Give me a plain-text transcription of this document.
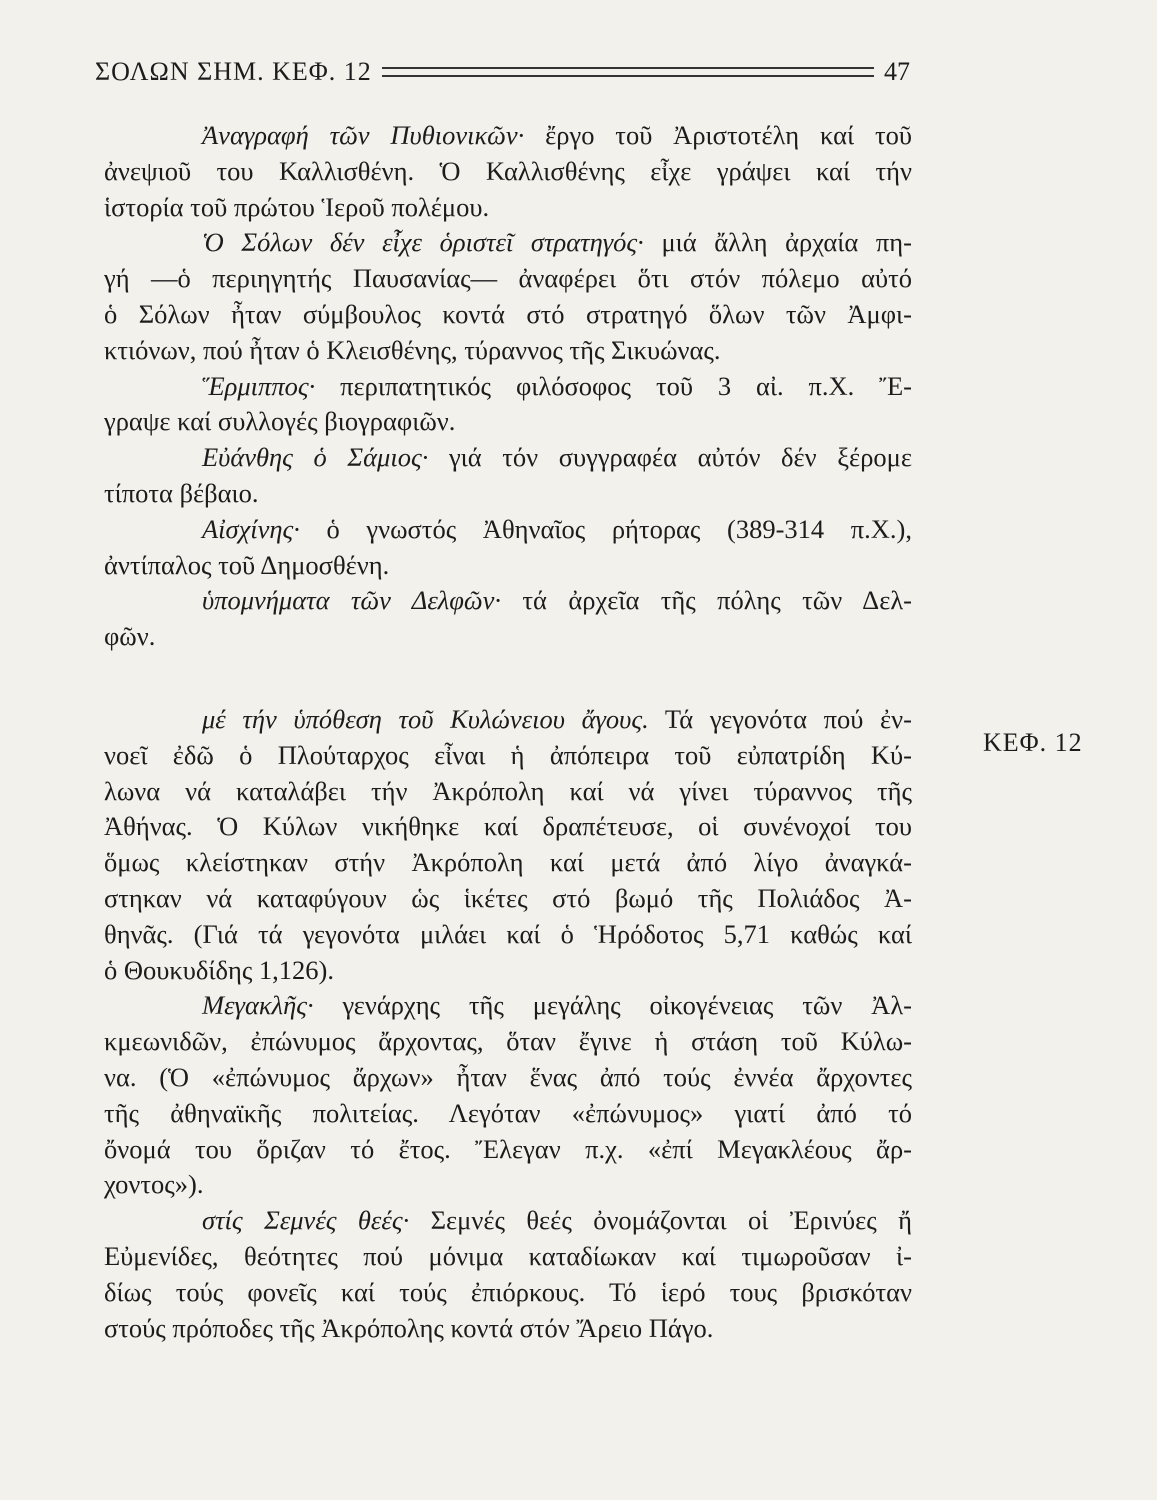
ΣΟΛΩΝ ΣΗΜ. ΚΕΦ. 12	47
ΚΕΦ. 12
Ἀναγραφή τῶν Πυθιονικῶν· ἔργο τοῦ Ἀριστοτέλη καί τοῦ
ἀνεψιοῦ του Καλλισθένη. Ὁ Καλλισθένης εἶχε γράψει καί τήν
ἱστορία τοῦ πρώτου Ἱεροῦ πολέμου.
Ὁ Σόλων δέν εἶχε ὁριστεῖ στρατηγός· μιά ἄλλη ἀρχαία πη-
γή —ὁ περιηγητής Παυσανίας— ἀναφέρει ὅτι στόν πόλεμο αὐτό
ὁ Σόλων ἦταν σύμβουλος κοντά στό στρατηγό ὅλων τῶν Ἀμφι-
κτιόνων, πού ἦταν ὁ Κλεισθένης, τύραννος τῆς Σικυώνας.
Ἕρμιππος· περιπατητικός φιλόσοφος τοῦ 3 αἰ. π.Χ. Ἔ-
γραψε καί συλλογές βιογραφιῶν.
Εὐάνθης ὁ Σάμιος· γιά τόν συγγραφέα αὐτόν δέν ξέρομε
τίποτα βέβαιο.
Αἰσχίνης· ὁ γνωστός Ἀθηναῖος ρήτορας (389-314 π.Χ.),
ἀντίπαλος τοῦ Δημοσθένη.
ὑπομνήματα τῶν Δελφῶν· τά ἀρχεῖα τῆς πόλης τῶν Δελ-
φῶν.
μέ τήν ὑπόθεση τοῦ Κυλώνειου ἄγους. Τά γεγονότα πού ἐν-
νοεῖ ἐδῶ ὁ Πλούταρχος εἶναι ἡ ἀπόπειρα τοῦ εὐπατρίδη Κύ-
λωνα νά καταλάβει τήν Ἀκρόπολη καί νά γίνει τύραννος τῆς
Ἀθήνας. Ὁ Κύλων νικήθηκε καί δραπέτευσε, οἱ συνένοχοί του
ὅμως κλείστηκαν στήν Ἀκρόπολη καί μετά ἀπό λίγο ἀναγκά-
στηκαν νά καταφύγουν ὡς ἱκέτες στό βωμό τῆς Πολιάδος Ἀ-
θηνᾶς. (Γιά τά γεγονότα μιλάει καί ὁ Ἡρόδοτος 5,71 καθώς καί
ὁ Θουκυδίδης 1,126).
Μεγακλῆς· γενάρχης τῆς μεγάλης οἰκογένειας τῶν Ἀλ-
κμεωνιδῶν, ἐπώνυμος ἄρχοντας, ὅταν ἔγινε ἡ στάση τοῦ Κύλω-
να. (Ὁ «ἐπώνυμος ἄρχων» ἦταν ἕνας ἀπό τούς ἐννέα ἄρχοντες
τῆς ἀθηναϊκῆς πολιτείας. Λεγόταν «ἐπώνυμος» γιατί ἀπό τό
ὄνομά του ὅριζαν τό ἔτος. Ἔλεγαν π.χ. «ἐπί Μεγακλέους ἄρ-
χοντος»).
στίς Σεμνές θεές· Σεμνές θεές ὀνομάζονται οἱ Ἐρινύες ἤ
Εὐμενίδες, θεότητες πού μόνιμα καταδίωκαν καί τιμωροῦσαν ἰ-
δίως τούς φονεῖς καί τούς ἐπιόρκους. Τό ἱερό τους βρισκόταν
στούς πρόποδες τῆς Ἀκρόπολης κοντά στόν Ἄρειο Πάγο.
